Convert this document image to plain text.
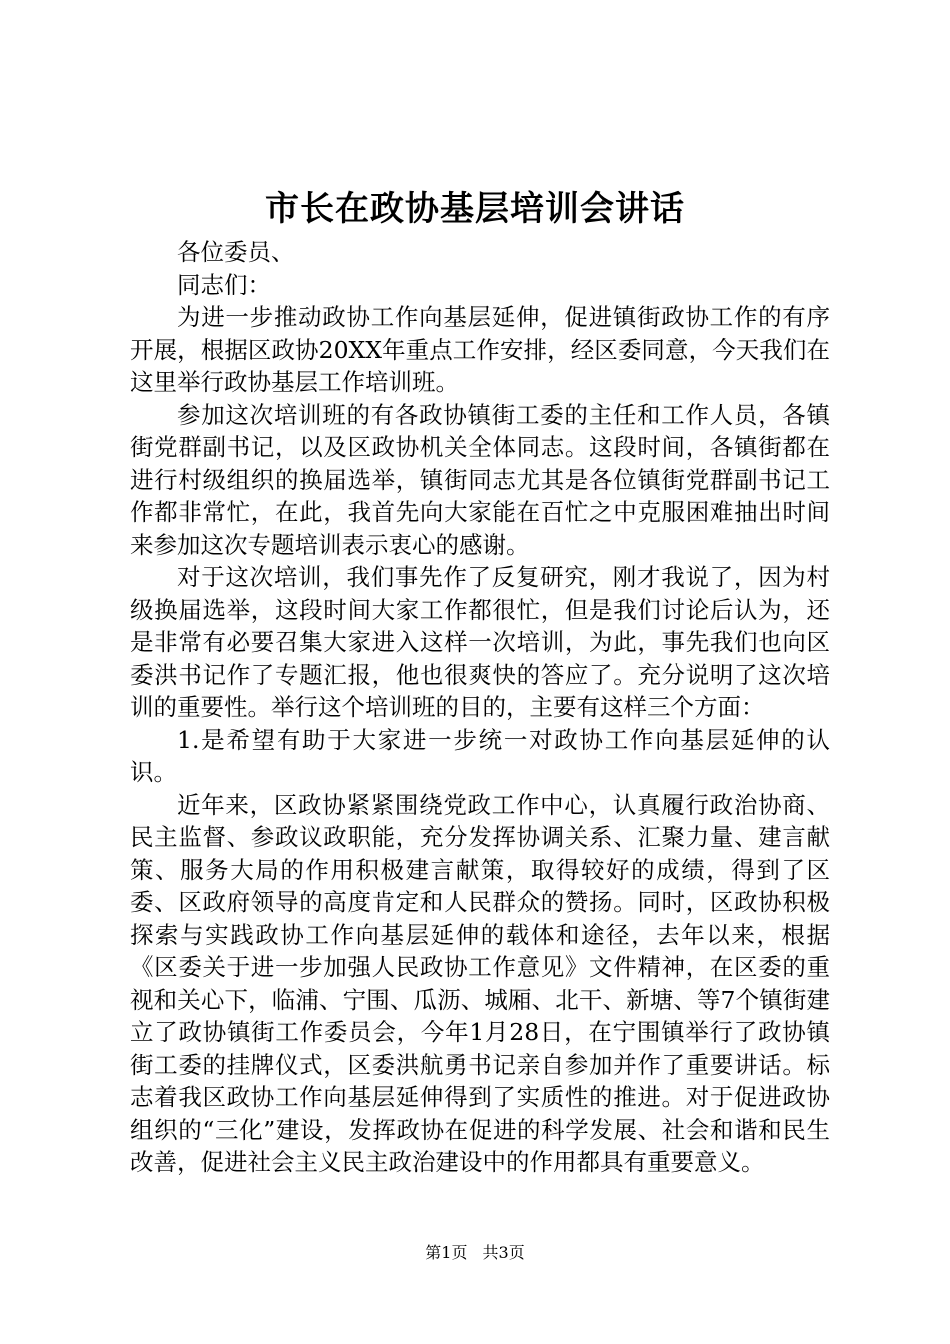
市长在政协基层培训会讲话

各位委员、

同志们：

为进一步推动政协工作向基层延伸，促进镇街政协工作的有序开展，根据区政协20XX年重点工作安排，经区委同意，今天我们在这里举行政协基层工作培训班。

参加这次培训班的有各政协镇街工委的主任和工作人员，各镇街党群副书记，以及区政协机关全体同志。这段时间，各镇街都在进行村级组织的换届选举，镇街同志尤其是各位镇街党群副书记工作都非常忙，在此，我首先向大家能在百忙之中克服困难抽出时间来参加这次专题培训表示衷心的感谢。

对于这次培训，我们事先作了反复研究，刚才我说了，因为村级换届选举，这段时间大家工作都很忙，但是我们讨论后认为，还是非常有必要召集大家进入这样一次培训，为此，事先我们也向区委洪书记作了专题汇报，他也很爽快的答应了。充分说明了这次培训的重要性。举行这个培训班的目的，主要有这样三个方面：

1.是希望有助于大家进一步统一对政协工作向基层延伸的认识。

近年来，区政协紧紧围绕党政工作中心，认真履行政治协商、民主监督、参政议政职能，充分发挥协调关系、汇聚力量、建言献策、服务大局的作用积极建言献策，取得较好的成绩，得到了区委、区政府领导的高度肯定和人民群众的赞扬。同时，区政协积极探索与实践政协工作向基层延伸的载体和途径，去年以来，根据《区委关于进一步加强人民政协工作意见》文件精神，在区委的重视和关心下，临浦、宁围、瓜沥、城厢、北干、新塘、等7个镇街建立了政协镇街工作委员会，今年1月28日，在宁围镇举行了政协镇街工委的挂牌仪式，区委洪航勇书记亲自参加并作了重要讲话。标志着我区政协工作向基层延伸得到了实质性的推进。对于促进政协组织的“三化”建设，发挥政协在促进的科学发展、社会和谐和民生改善，促进社会主义民主政治建设中的作用都具有重要意义。

第1页 共3页
